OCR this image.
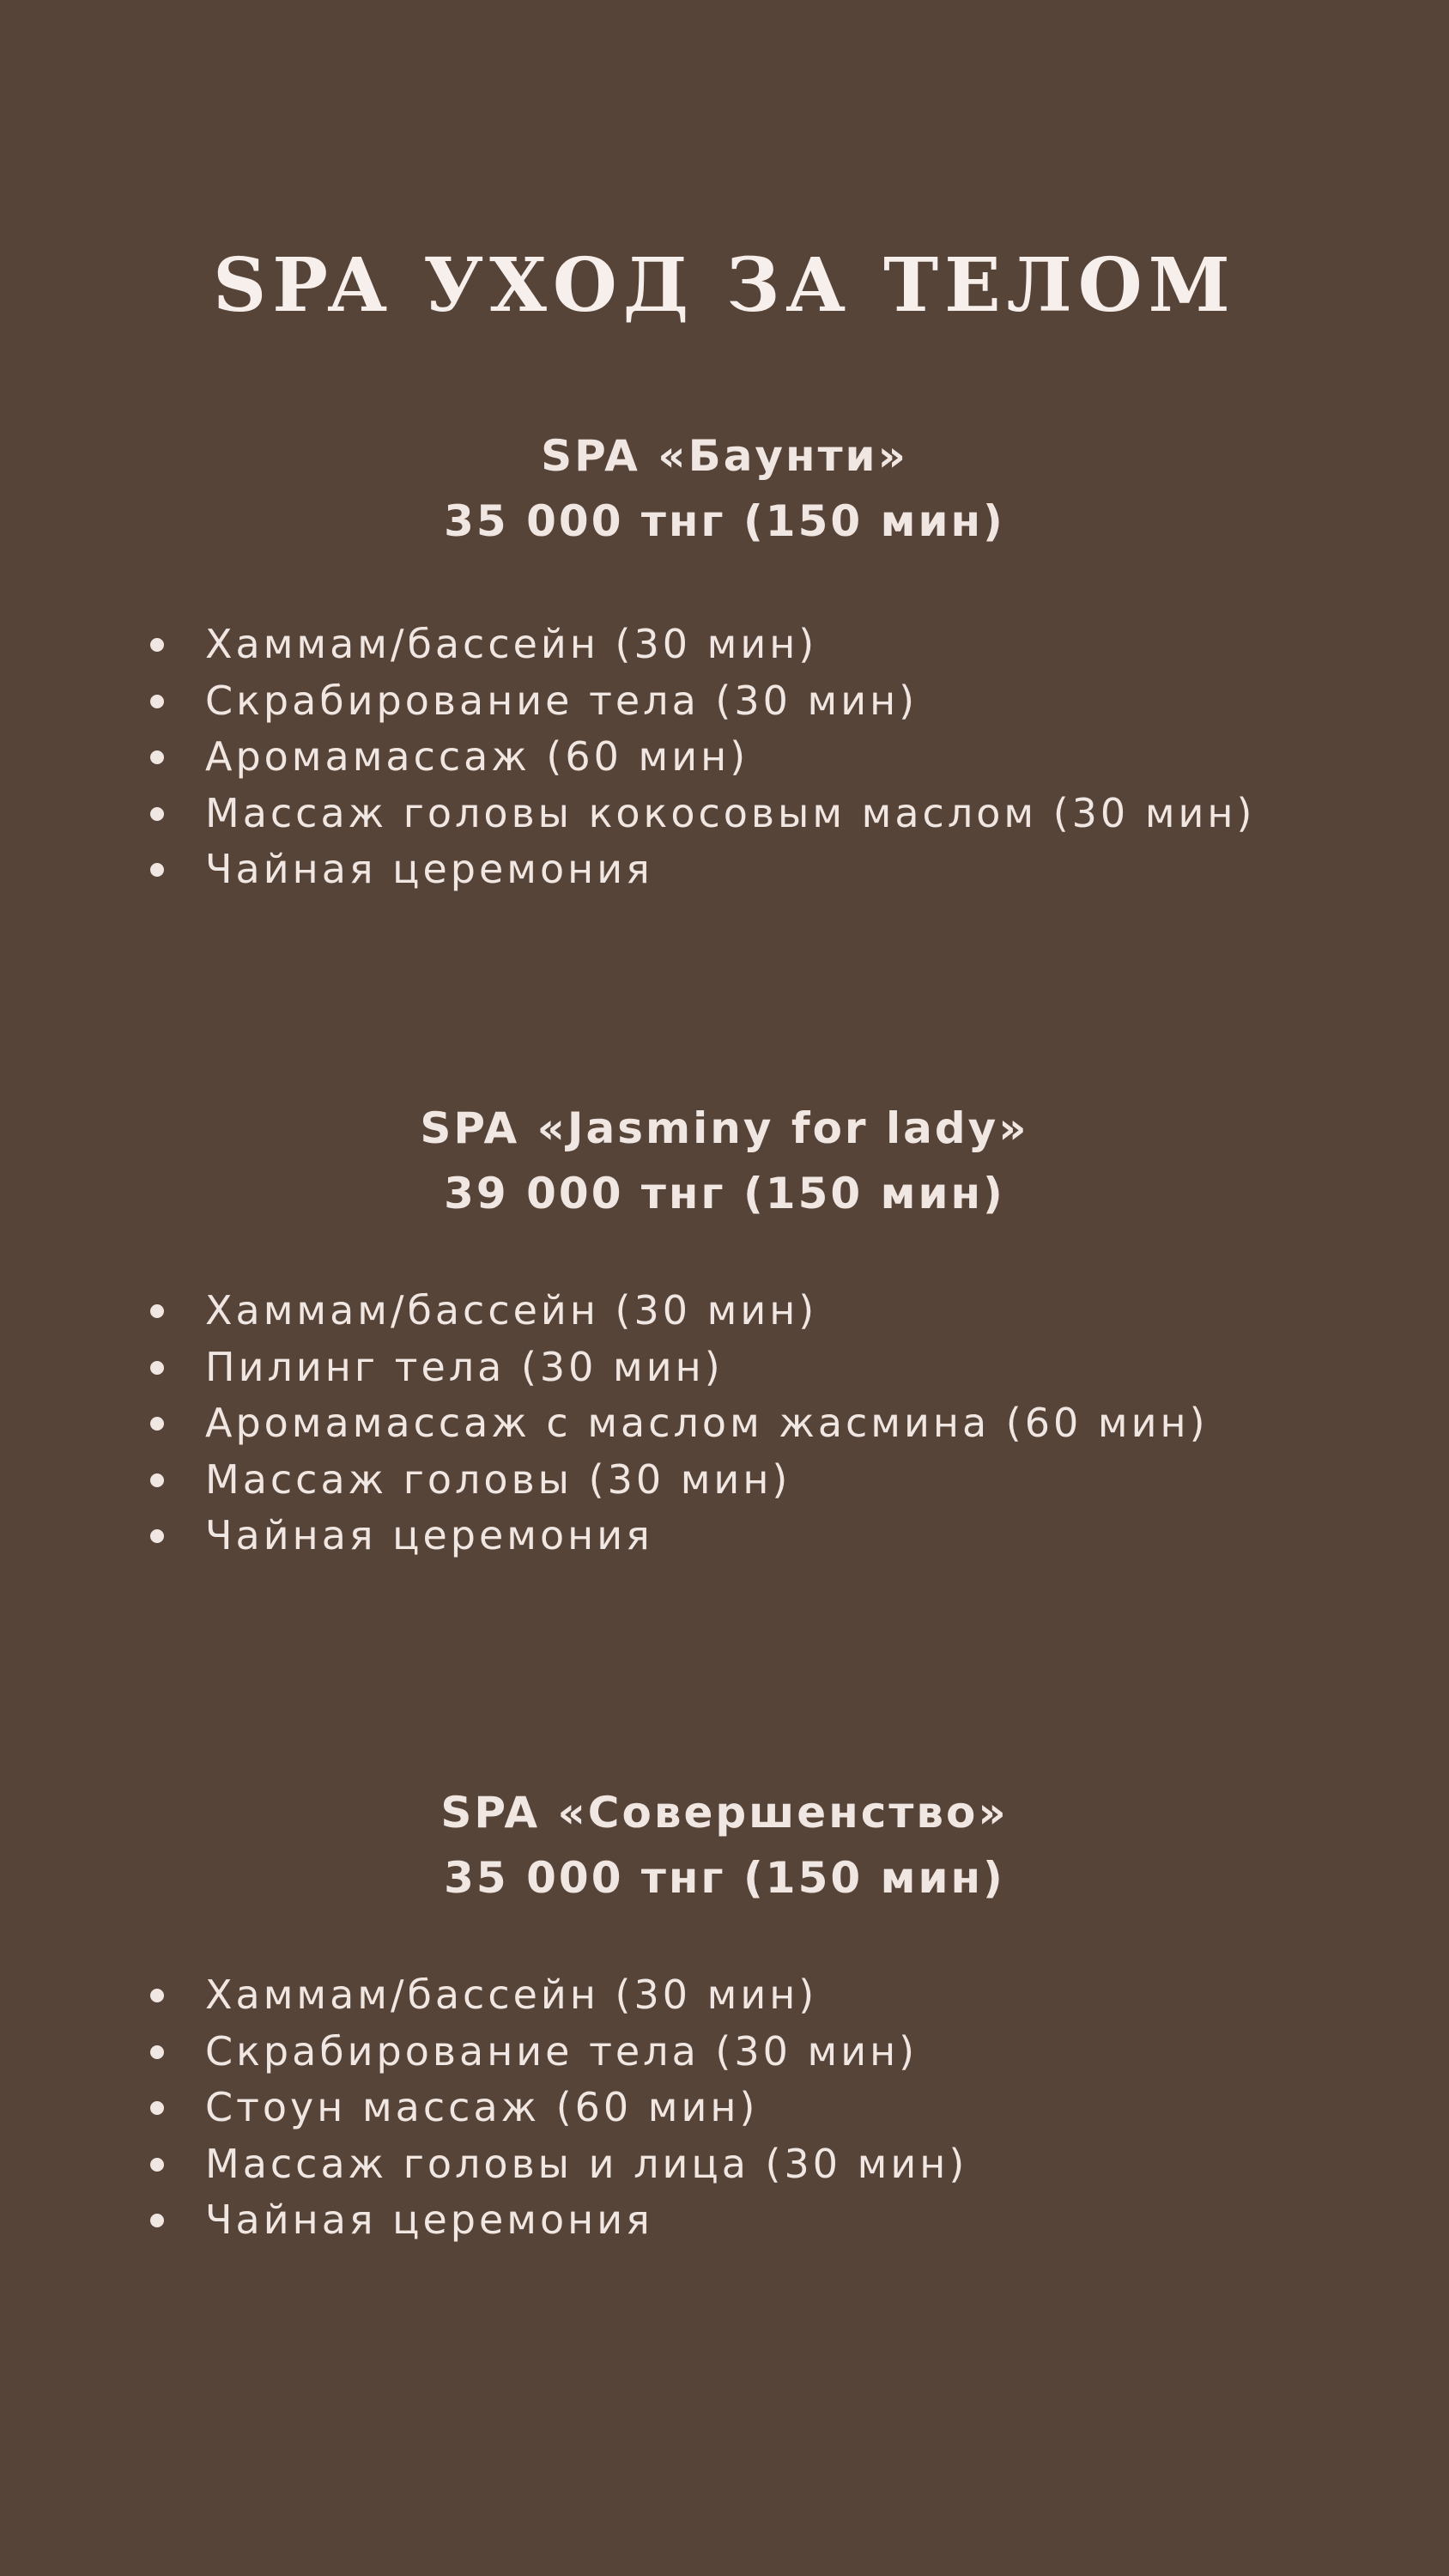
SPA УХОД ЗА ТЕЛОМ
SPA «Баунти»
35 000 тнг (150 мин)
Хаммам/бассейн (30 мин)
Скрабирование тела (30 мин)
Аромамассаж (60 мин)
Массаж головы кокосовым маслом (30 мин)
Чайная церемония
SPA «Jasminy for lady»
39 000 тнг (150 мин)
Хаммам/бассейн (30 мин)
Пилинг тела (30 мин)
Аромамассаж с маслом жасмина (60 мин)
Массаж головы (30 мин)
Чайная церемония
SPA «Совершенство»
35 000 тнг (150 мин)
Хаммам/бассейн (30 мин)
Скрабирование тела (30 мин)
Стоун массаж (60 мин)
Массаж головы и лица (30 мин)
Чайная церемония
